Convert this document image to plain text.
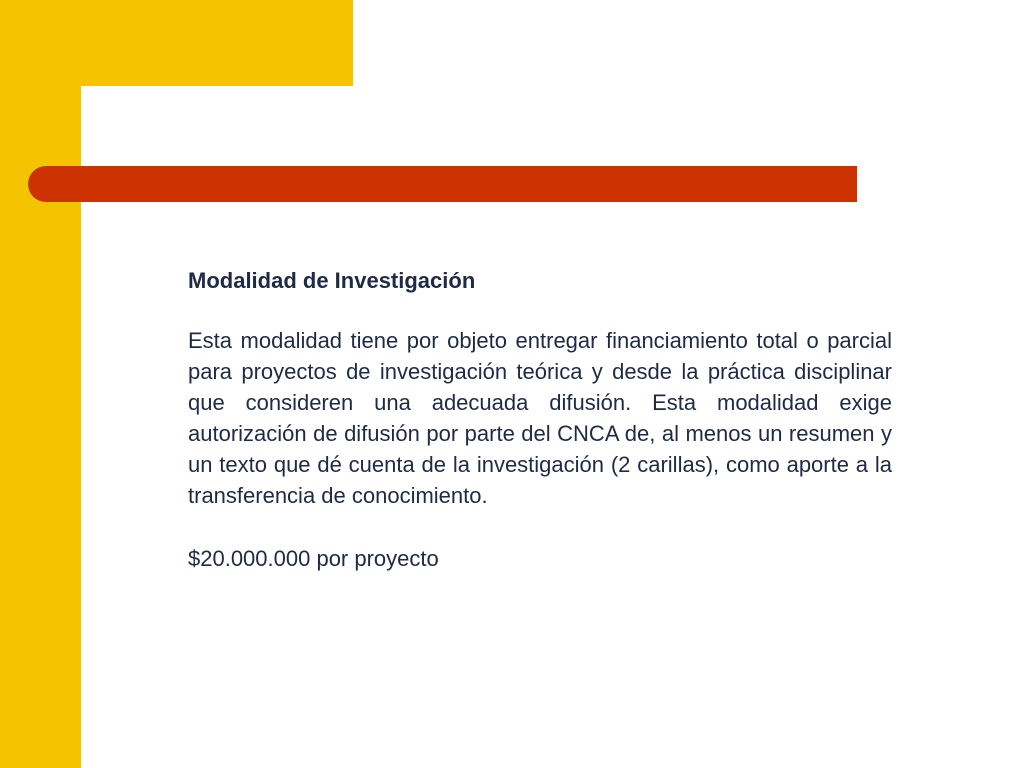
Modalidad de Investigación

Esta modalidad tiene por objeto entregar financiamiento total o parcial para proyectos de investigación teórica y desde la práctica disciplinar que consideren una adecuada difusión. Esta modalidad exige autorización de difusión por parte del CNCA de, al menos un resumen y un texto que dé cuenta de la investigación (2 carillas), como aporte a la transferencia de conocimiento.

$20.000.000 por proyecto
